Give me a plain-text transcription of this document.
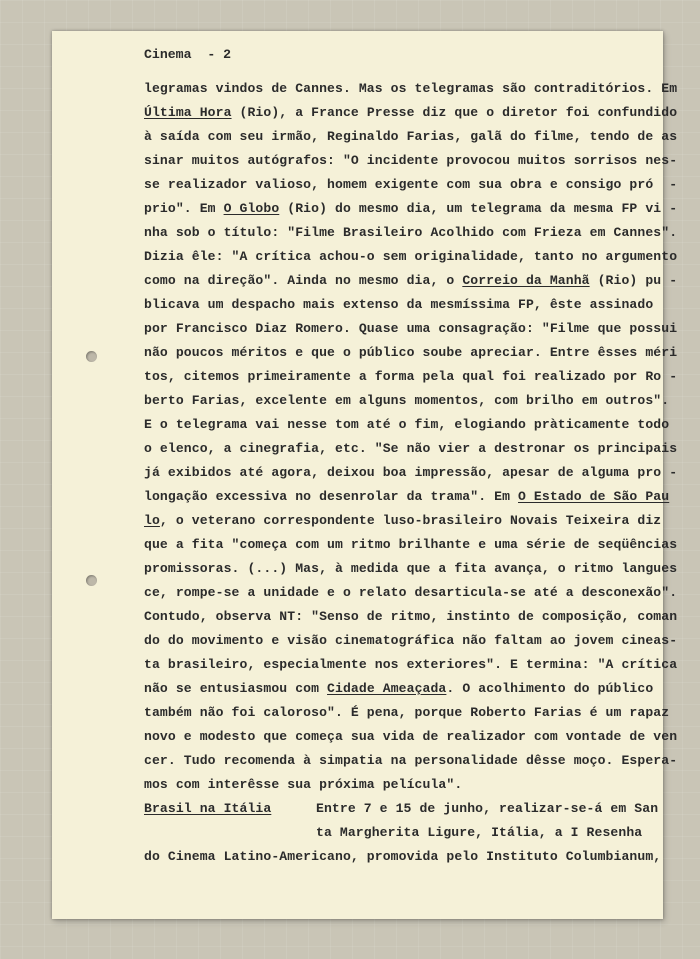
Cinema - 2
legramas vindos de Cannes. Mas os telegramas são contraditórios. Em
Última Hora (Rio), a France Presse diz que o diretor foi confundido
à saída com seu irmão, Reginaldo Farias, galã do filme, tendo de as
sinar muitos autógrafos: "O incidente provocou muitos sorrisos nes-
se realizador valioso, homem exigente com sua obra e consigo pró  -
prio". Em O Globo (Rio) do mesmo dia, um telegrama da mesma FP vi -
nha sob o título: "Filme Brasileiro Acolhido com Frieza em Cannes".
Dizia êle: "A crítica achou-o sem originalidade, tanto no argumento
como na direção". Ainda no mesmo dia, o Correio da Manhã (Rio) pu -
blicava um despacho mais extenso da mesmíssima FP, êste assinado
por Francisco Diaz Romero. Quase uma consagração: "Filme que possui
não poucos méritos e que o público soube apreciar. Entre êsses méri
tos, citemos primeiramente a forma pela qual foi realizado por Ro -
berto Farias, excelente em alguns momentos, com brilho em outros".
E o telegrama vai nesse tom até o fim, elogiando pràticamente todo
o elenco, a cinegrafia, etc. "Se não vier a destronar os principais
já exibidos até agora, deixou boa impressão, apesar de alguma pro -
longação excessiva no desenrolar da trama". Em O Estado de São Pau
lo, o veterano correspondente luso-brasileiro Novais Teixeira diz
que a fita "começa com um ritmo brilhante e uma série de seqüências
promissoras. (...) Mas, à medida que a fita avança, o ritmo langues
ce, rompe-se a unidade e o relato desarticula-se até a desconexão".
Contudo, observa NT: "Senso de ritmo, instinto de composição, coman
do do movimento e visão cinematográfica não faltam ao jovem cineas-
ta brasileiro, especialmente nos exteriores". E termina: "A crítica
não se entusiasmou com Cidade Ameaçada. O acolhimento do público
também não foi caloroso". É pena, porque Roberto Farias é um rapaz
novo e modesto que começa sua vida de realizador com vontade de ven
cer. Tudo recomenda à simpatia na personalidade dêsse moço. Espera-
mos com interêsse sua próxima película".
Brasil na Itália	Entre 7 e 15 de junho, realizar-se-á em San
ta Margherita Ligure, Itália, a I Resenha
do Cinema Latino-Americano, promovida pelo Instituto Columbianum,
